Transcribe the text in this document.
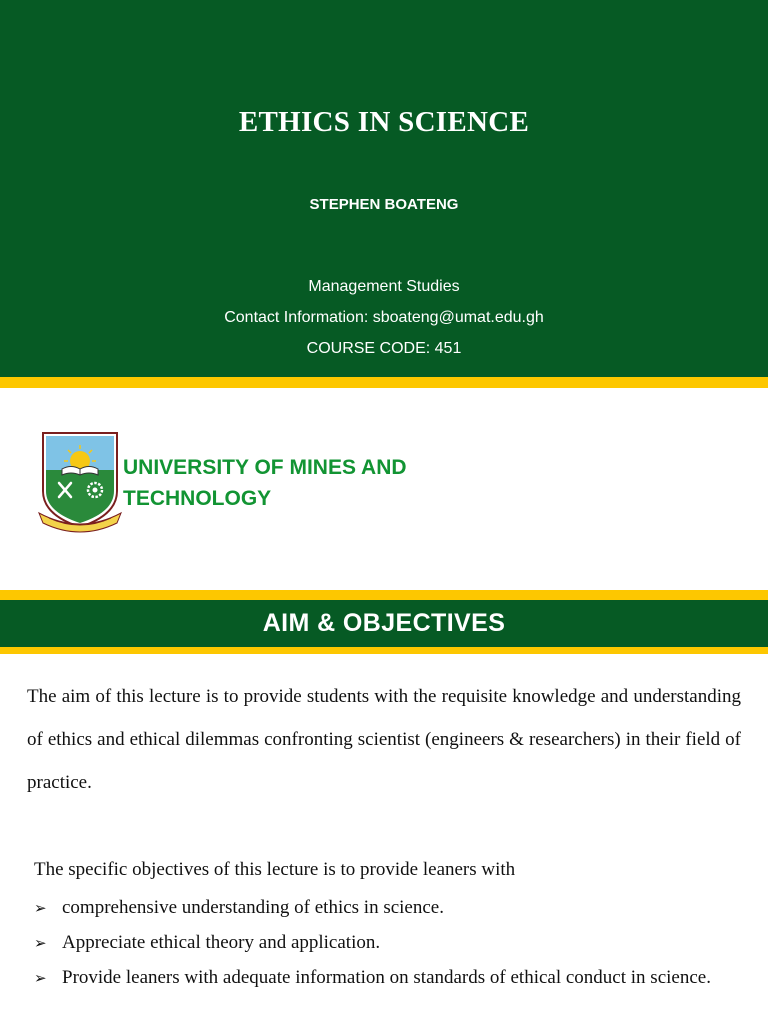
ETHICS IN SCIENCE
STEPHEN BOATENG
Management Studies
Contact Information: sboateng@umat.edu.gh
COURSE CODE: 451
UNIVERSITY OF MINES AND
TECHNOLOGY
AIM & OBJECTIVES
The aim of this lecture is to provide students with the requisite knowledge and understanding of ethics and ethical dilemmas confronting scientist (engineers & researchers) in their field of practice.
The specific objectives of this lecture is to provide leaners with
➢ comprehensive understanding of ethics in science.
➢ Appreciate ethical theory and application.
➢ Provide leaners with adequate information on standards of ethical conduct in science.
